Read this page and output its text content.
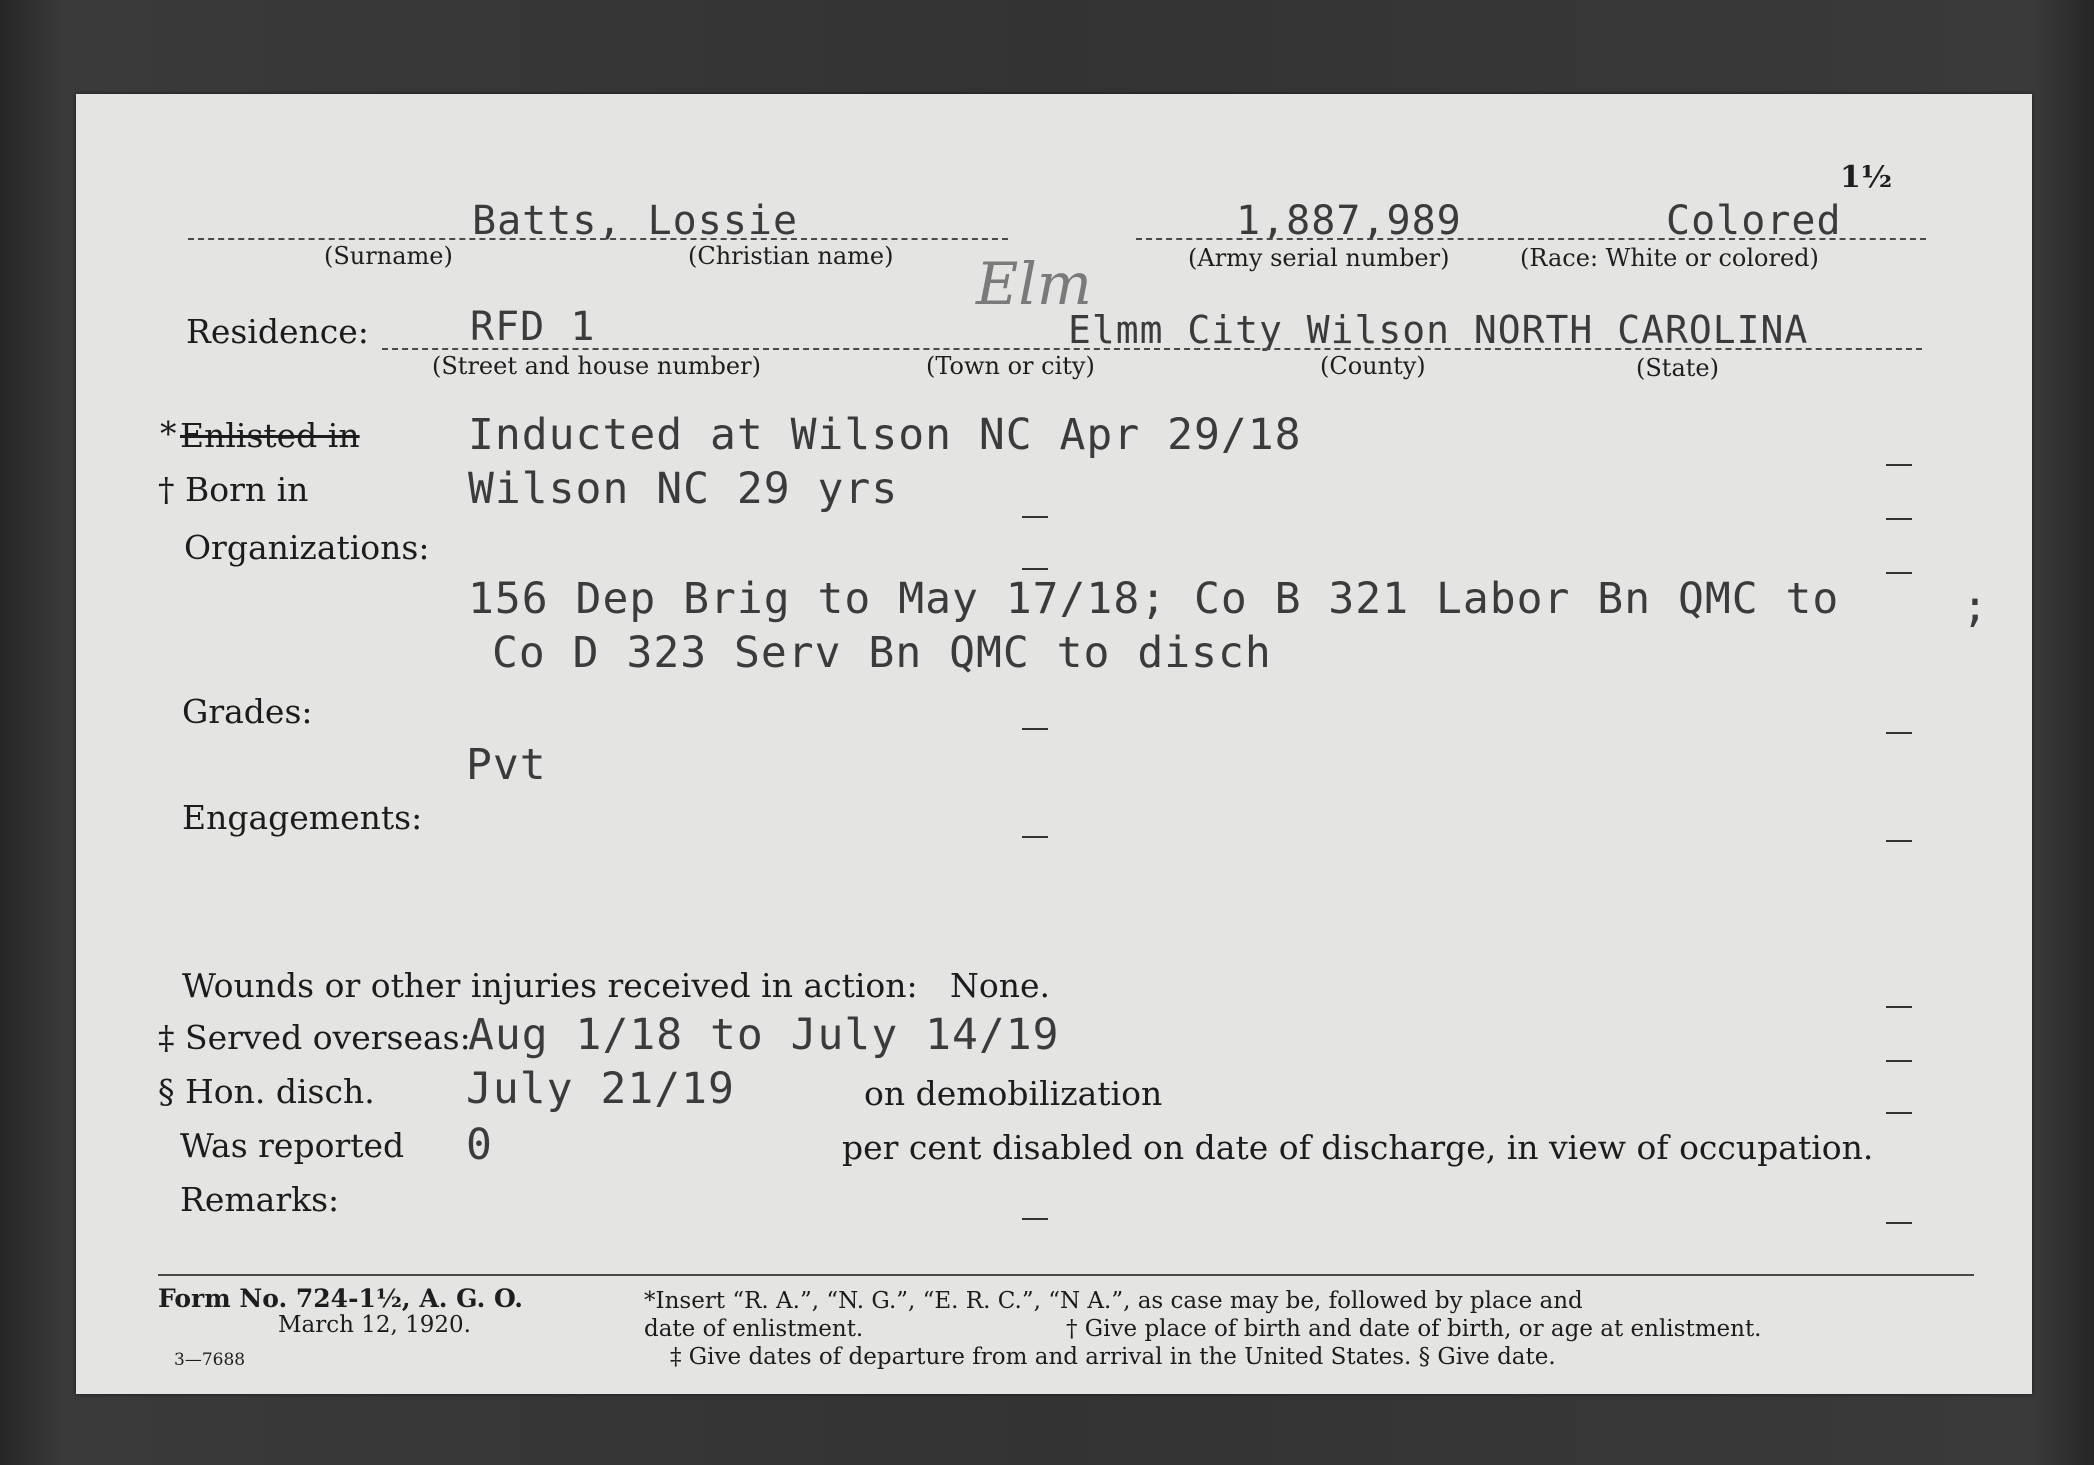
1½
Batts, Lossie	1,887,989	Colored
(Surname)	(Christian name)	(Army serial number)	(Race: White or colored)
Elm
Residence:	RFD 1	Elmm City Wilson NORTH CAROLINA
(Street and house number)	(Town or city)	(County)	(State)
* Enlisted in	Inducted at Wilson NC Apr 29/18
† Born in	Wilson NC 29 yrs
Organizations:
156 Dep Brig to May 17/18; Co B 321 Labor Bn QMC to
Co D 323 Serv Bn QMC to disch
;
Grades:
Pvt
Engagements:
Wounds or other injuries received in action: None.
‡ Served overseas:
Aug 1/18 to July 14/19
§ Hon. disch. July 21/19	on demobilization
Was reported 0	per cent disabled on date of discharge, in view of occupation.
Remarks:
Form No. 724-1½, A. G. O.
March 12, 1920.
3—7688
*Insert “R. A.”, “N. G.”, “E. R. C.”, “N A.”, as case may be, followed by place and
date of enlistment.	† Give place of birth and date of birth, or age at enlistment.
‡ Give dates of departure from and arrival in the United States. § Give date.
